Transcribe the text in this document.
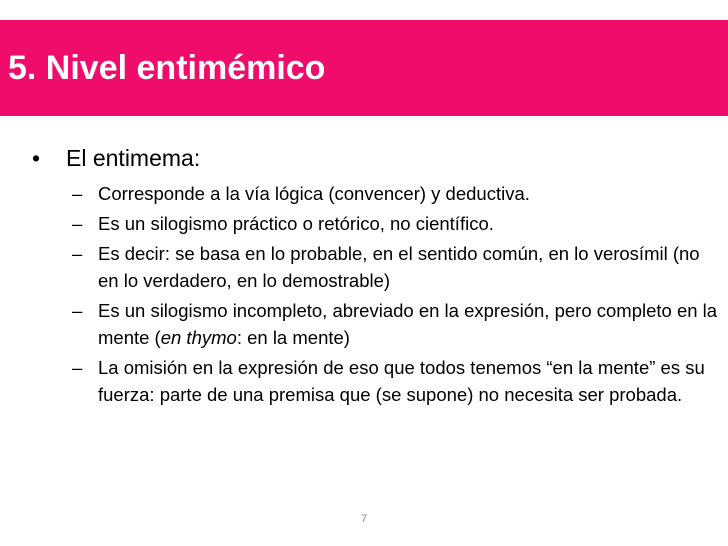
5. Nivel entimémico
•	El entimema:
– Corresponde a la vía lógica (convencer) y deductiva.
– Es un silogismo práctico o retórico, no científico.
– Es decir: se basa en lo probable, en el sentido común, en lo verosímil (no en lo verdadero, en lo demostrable)
– Es un silogismo incompleto, abreviado en la expresión, pero completo en la mente (en thymo: en la mente)
– La omisión en la expresión de eso que todos tenemos “en la mente” es su fuerza: parte de una premisa que (se supone) no necesita ser probada.
7
